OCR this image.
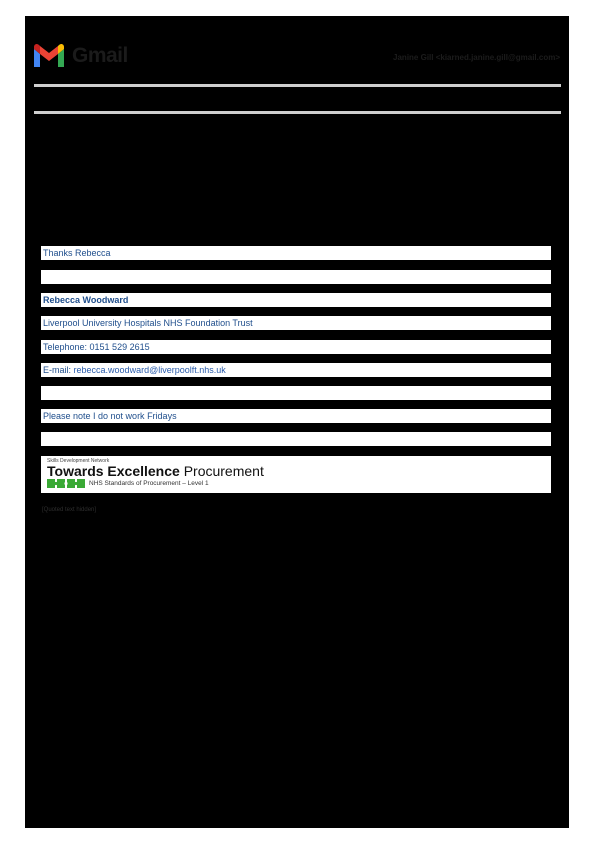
Gmail	Janine Gill <kiarned.janine.gill@gmail.com>
Thanks Rebecca
Rebecca Woodward
Liverpool University Hospitals NHS Foundation Trust
Telephone: 0151 529 2615
E-mail: rebecca.woodward@liverpoolft.nhs.uk
Please note I do not work Fridays
Skills Development Network
Towards Excellence Procurement
NHS Standards of Procurement – Level 1
[Quoted text hidden]
